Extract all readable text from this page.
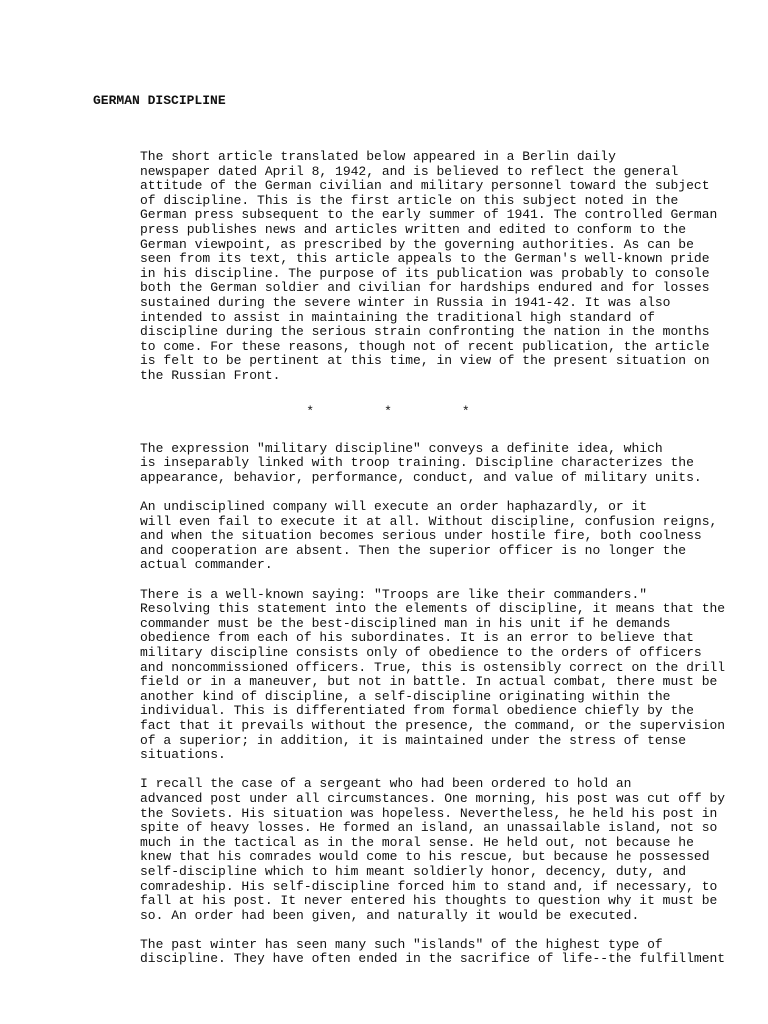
GERMAN DISCIPLINE

The short article translated below appeared in a Berlin daily
newspaper dated April 8, 1942, and is believed to reflect the general
attitude of the German civilian and military personnel toward the subject
of discipline. This is the first article on this subject noted in the
German press subsequent to the early summer of 1941. The controlled German
press publishes news and articles written and edited to conform to the
German viewpoint, as prescribed by the governing authorities. As can be
seen from its text, this article appeals to the German's well-known pride
in his discipline. The purpose of its publication was probably to console
both the German soldier and civilian for hardships endured and for losses
sustained during the severe winter in Russia in 1941-42. It was also
intended to assist in maintaining the traditional high standard of
discipline during the serious strain confronting the nation in the months
to come. For these reasons, though not of recent publication, the article
is felt to be pertinent at this time, in view of the present situation on
the Russian Front.

*	*	*

The expression "military discipline" conveys a definite idea, which
is inseparably linked with troop training. Discipline characterizes the
appearance, behavior, performance, conduct, and value of military units.

An undisciplined company will execute an order haphazardly, or it
will even fail to execute it at all. Without discipline, confusion reigns,
and when the situation becomes serious under hostile fire, both coolness
and cooperation are absent. Then the superior officer is no longer the
actual commander.

There is a well-known saying: "Troops are like their commanders."
Resolving this statement into the elements of discipline, it means that the
commander must be the best-disciplined man in his unit if he demands
obedience from each of his subordinates. It is an error to believe that
military discipline consists only of obedience to the orders of officers
and noncommissioned officers. True, this is ostensibly correct on the drill
field or in a maneuver, but not in battle. In actual combat, there must be
another kind of discipline, a self-discipline originating within the
individual. This is differentiated from formal obedience chiefly by the
fact that it prevails without the presence, the command, or the supervision
of a superior; in addition, it is maintained under the stress of tense
situations.

I recall the case of a sergeant who had been ordered to hold an
advanced post under all circumstances. One morning, his post was cut off by
the Soviets. His situation was hopeless. Nevertheless, he held his post in
spite of heavy losses. He formed an island, an unassailable island, not so
much in the tactical as in the moral sense. He held out, not because he
knew that his comrades would come to his rescue, but because he possessed
self-discipline which to him meant soldierly honor, decency, duty, and
comradeship. His self-discipline forced him to stand and, if necessary, to
fall at his post. It never entered his thoughts to question why it must be
so. An order had been given, and naturally it would be executed.

The past winter has seen many such "islands" of the highest type of
discipline. They have often ended in the sacrifice of life--the fulfillment
